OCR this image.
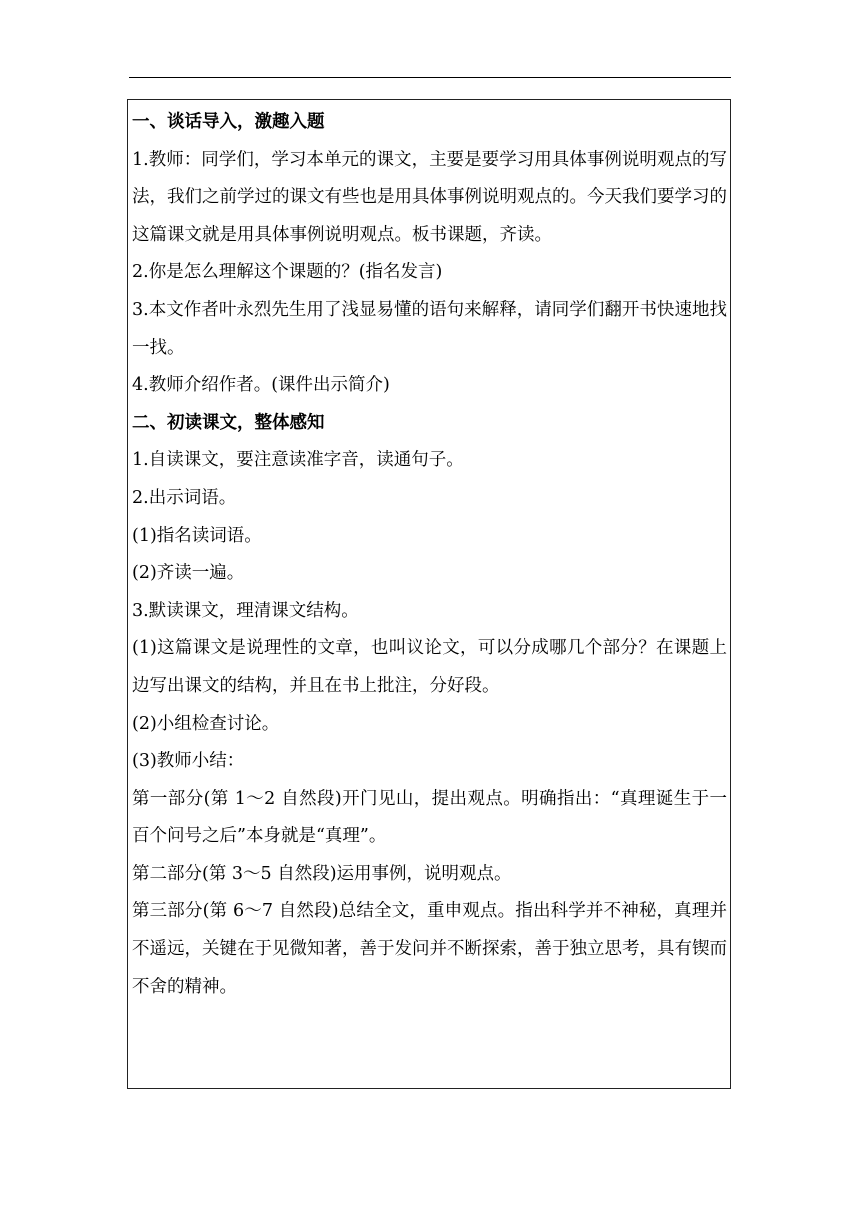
一、谈话导入，激趣入题
1.教师：同学们，学习本单元的课文，主要是要学习用具体事例说明观点的写法，我们之前学过的课文有些也是用具体事例说明观点的。今天我们要学习的这篇课文就是用具体事例说明观点。板书课题，齐读。
2.你是怎么理解这个课题的？(指名发言)
3.本文作者叶永烈先生用了浅显易懂的语句来解释，请同学们翻开书快速地找一找。
4.教师介绍作者。(课件出示简介)
二、初读课文，整体感知
1.自读课文，要注意读准字音，读通句子。
2.出示词语。
(1)指名读词语。
(2)齐读一遍。
3.默读课文，理清课文结构。
(1)这篇课文是说理性的文章，也叫议论文，可以分成哪几个部分？在课题上边写出课文的结构，并且在书上批注，分好段。
(2)小组检查讨论。
(3)教师小结：
第一部分(第 1～2 自然段)开门见山，提出观点。明确指出：“真理诞生于一百个问号之后”本身就是“真理”。
第二部分(第 3～5 自然段)运用事例，说明观点。
第三部分(第 6～7 自然段)总结全文，重申观点。指出科学并不神秘，真理并不遥远，关键在于见微知著，善于发问并不断探索，善于独立思考，具有锲而不舍的精神。
